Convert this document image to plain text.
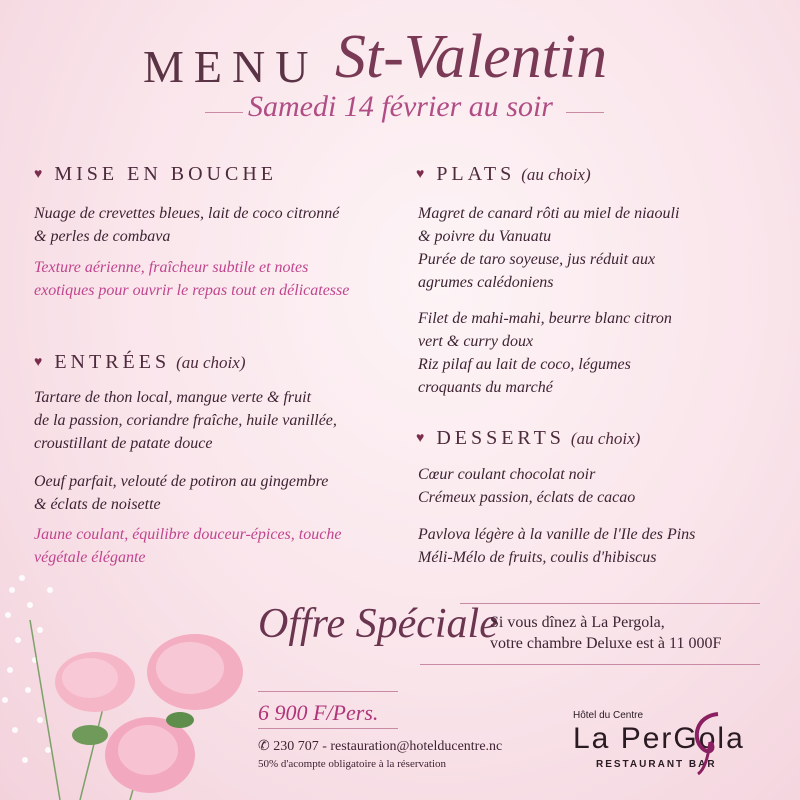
MENU St-Valentin
Samedi 14 février au soir
♥ MISE EN BOUCHE
Nuage de crevettes bleues, lait de coco citronné
& perles de combava
Texture aérienne, fraîcheur subtile et notes
exotiques pour ouvrir le repas tout en délicatesse
♥ ENTRÉES (au choix)
Tartare de thon local, mangue verte & fruit
de la passion, coriandre fraîche, huile vanillée,
croustillant de patate douce
Oeuf parfait, velouté de potiron au gingembre
& éclats de noisette
Jaune coulant, équilibre douceur-épices, touche
végétale élégante
♥ PLATS (au choix)
Magret de canard rôti au miel de niaouli
& poivre du Vanuatu
Purée de taro soyeuse, jus réduit aux
agrumes calédoniens
Filet de mahi-mahi, beurre blanc citron
vert & curry doux
Riz pilaf au lait de coco, légumes
croquants du marché
♥ DESSERTS (au choix)
Cœur coulant chocolat noir
Crémeux passion, éclats de cacao
Pavlova légère à la vanille de l'Ile des Pins
Méli-Mélo de fruits, coulis d'hibiscus
Offre Spéciale
Si vous dînez à La Pergola,
votre chambre Deluxe est à 11 000F
6 900 F/Pers.
✆ 230 707 - restauration@hotelducentre.nc
50% d'acompte obligatoire à la réservation
Hôtel du Centre
La PerGola
RESTAURANT BAR
